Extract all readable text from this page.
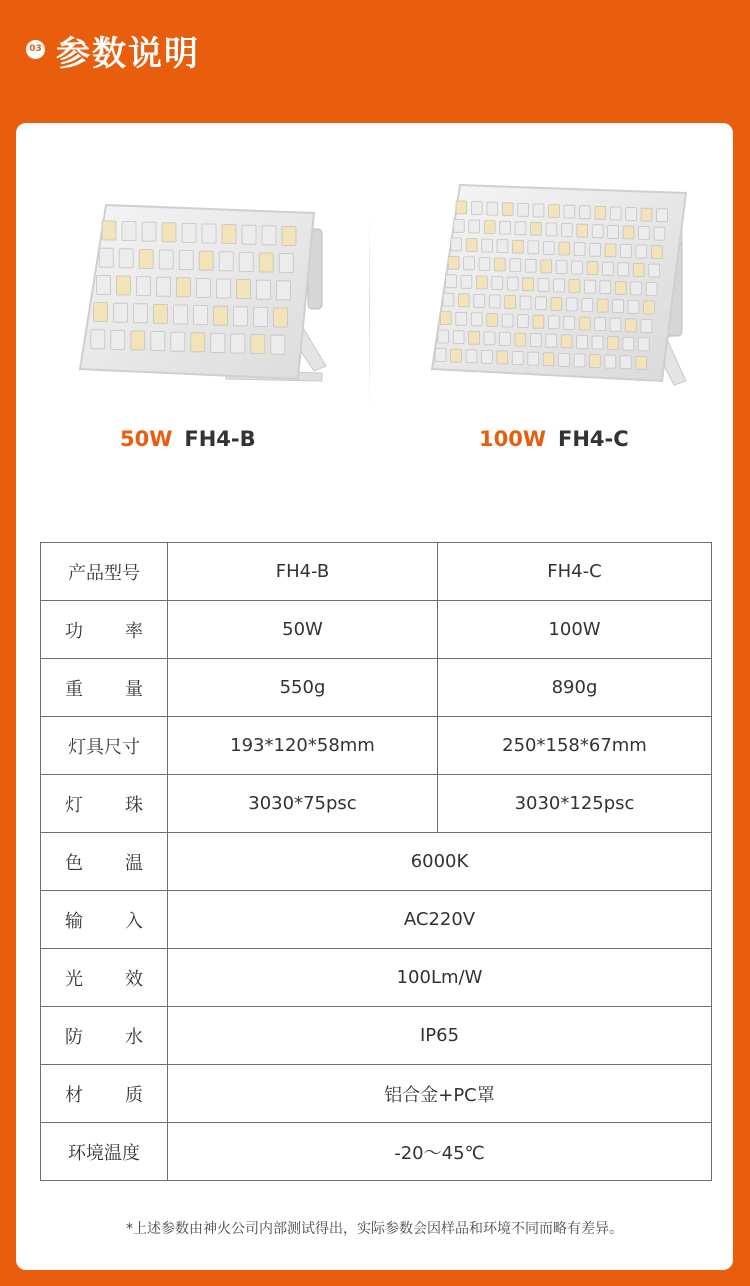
03 参数说明
50W FH4-B	100W FH4-C
产品型号	FH4-B	FH4-C

功 率	50W	100W

重 量	550g	890g

灯具尺寸	193*120*58mm	250*158*67mm

灯 珠	3030*75psc	3030*125psc

色 温	6000K	

输 入	AC220V	

光 效	100Lm/W	

防 水	IP65	

材 质	铝合金+PC罩	

环境温度	-20～45℃	
*上述参数由神火公司内部测试得出，实际参数会因样品和环境不同而略有差异。
